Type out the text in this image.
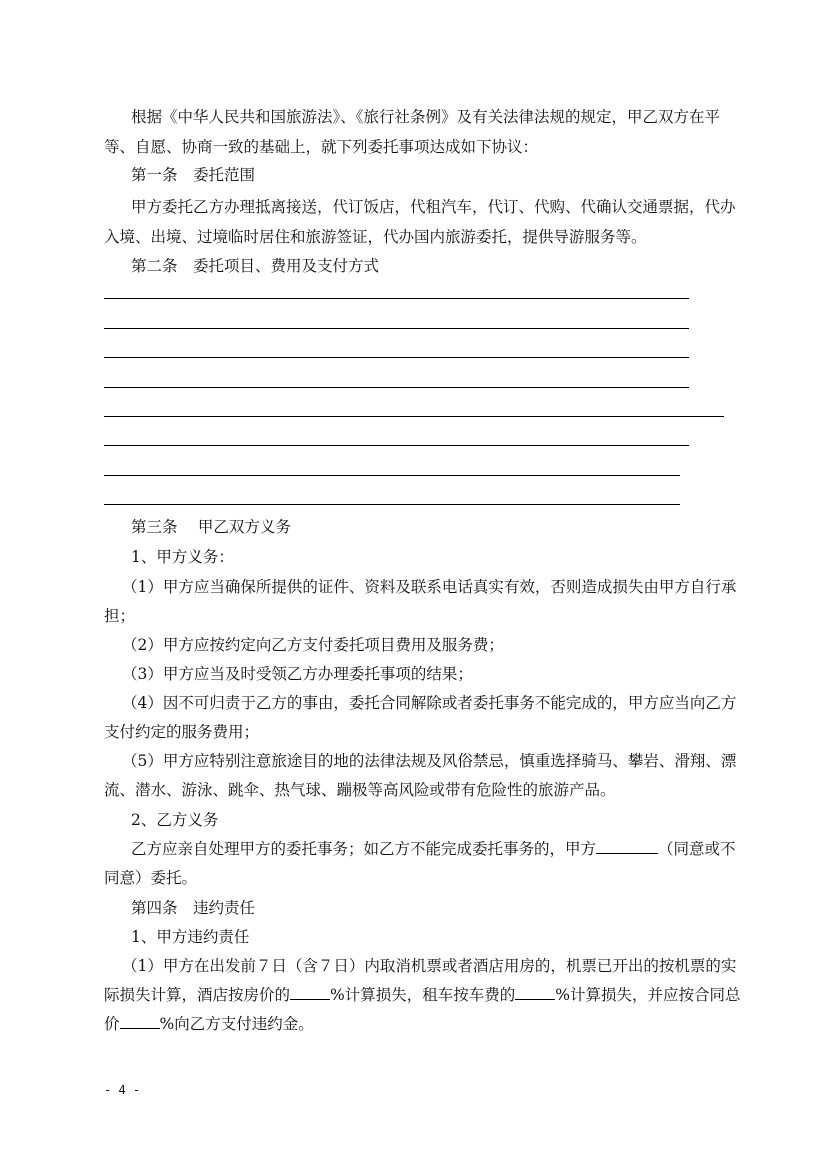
根据《中华人民共和国旅游法》、《旅行社条例》及有关法律法规的规定，甲乙双方在平
等、自愿、协商一致的基础上，就下列委托事项达成如下协议：
第一条　委托范围
甲方委托乙方办理抵离接送，代订饭店，代租汽车，代订、代购、代确认交通票据，代办
入境、出境、过境临时居住和旅游签证，代办国内旅游委托，提供导游服务等。
第二条　委托项目、费用及支付方式
第三条　 甲乙双方义务
1、甲方义务：
（1）甲方应当确保所提供的证件、资料及联系电话真实有效，否则造成损失由甲方自行承
担；
（2）甲方应按约定向乙方支付委托项目费用及服务费；
（3）甲方应当及时受领乙方办理委托事项的结果；
（4）因不可归责于乙方的事由，委托合同解除或者委托事务不能完成的，甲方应当向乙方
支付约定的服务费用；
（5）甲方应特别注意旅途目的地的法律法规及风俗禁忌，慎重选择骑马、攀岩、滑翔、漂
流、潜水、游泳、跳伞、热气球、蹦极等高风险或带有危险性的旅游产品。
2、乙方义务
乙方应亲自处理甲方的委托事务；如乙方不能完成委托事务的，甲方	（同意或不
同意）委托。
第四条　违约责任
1、甲方违约责任
（1）甲方在出发前７日（含７日）内取消机票或者酒店用房的，机票已开出的按机票的实
际损失计算，酒店按房价的	%计算损失，租车按车费的	%计算损失，并应按合同总
价	%向乙方支付违约金。
- 4 -
